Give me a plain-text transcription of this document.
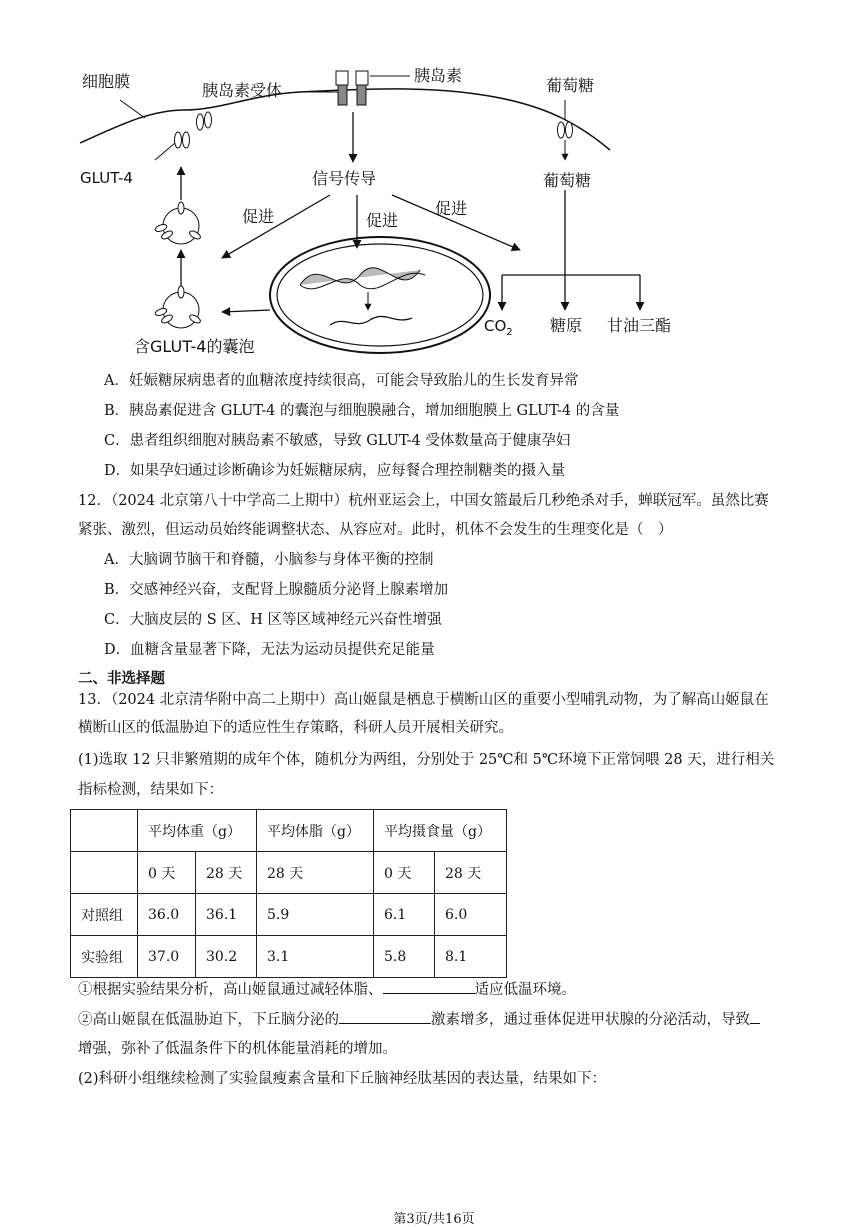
细胞膜	胰岛素受体
胰岛素
葡萄糖
葡萄糖
GLUT-4	信号传导
促进	促进
促进
含GLUT-4的囊泡
$CO_2$ 糖原 甘油三酯
A．妊娠糖尿病患者的血糖浓度持续很高，可能会导致胎儿的生长发育异常
B．胰岛素促进含 GLUT-4 的囊泡与细胞膜融合，增加细胞膜上 GLUT-4 的含量
C．患者组织细胞对胰岛素不敏感，导致 GLUT-4 受体数量高于健康孕妇
D．如果孕妇通过诊断确诊为妊娠糖尿病，应每餐合理控制糖类的摄入量
12．（2024 北京第八十中学高二上期中）杭州亚运会上，中国女篮最后几秒绝杀对手，蝉联冠军。虽然比赛
紧张、激烈，但运动员始终能调整状态、从容应对。此时，机体不会发生的生理变化是（　）
A．大脑调节脑干和脊髓，小脑参与身体平衡的控制
B．交感神经兴奋，支配肾上腺髓质分泌肾上腺素增加
C．大脑皮层的 S 区、H 区等区域神经元兴奋性增强
D．血糖含量显著下降，无法为运动员提供充足能量
二、非选择题
13．（2024 北京清华附中高二上期中）高山姬鼠是栖息于横断山区的重要小型哺乳动物，为了解高山姬鼠在
横断山区的低温胁迫下的适应性生存策略，科研人员开展相关研究。
(1)选取 12 只非繁殖期的成年个体，随机分为两组，分别处于 25℃和 5℃环境下正常饲喂 28 天，进行相关
指标检测，结果如下：
	平均体重（g）		平均体脂（g）	平均摄食量（g）	
	0 天	28 天	28 天	0 天	28 天
对照组	36.0	36.1	5.9	6.1	6.0
实验组	37.0	30.2	3.1	5.8	8.1
①根据实验结果分析，高山姬鼠通过减轻体脂、	适应低温环境。
②高山姬鼠在低温胁迫下，下丘脑分泌的	激素增多，通过垂体促进甲状腺的分泌活动，导致
增强，弥补了低温条件下的机体能量消耗的增加。
(2)科研小组继续检测了实验鼠瘦素含量和下丘脑神经肽基因的表达量，结果如下：
第3页/共16页
